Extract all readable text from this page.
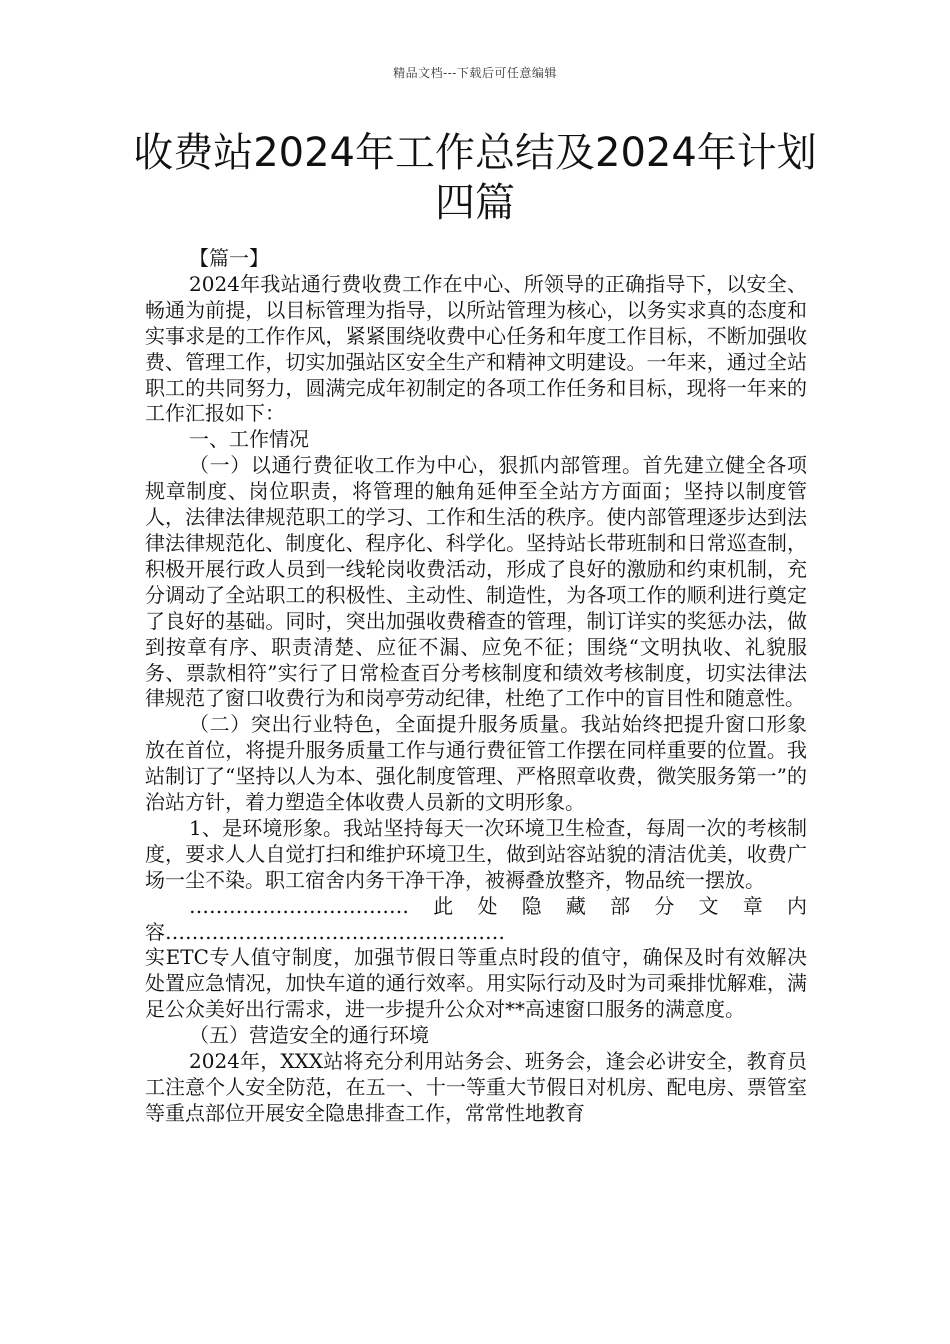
精品文档---下载后可任意编辑
收费站2024年工作总结及2024年计划四篇

【篇一】

2024年我站通行费收费工作在中心、所领导的正确指导下，以安全、畅通为前提，以目标管理为指导，以所站管理为核心，以务实求真的态度和实事求是的工作作风，紧紧围绕收费中心任务和年度工作目标，不断加强收费、管理工作，切实加强站区安全生产和精神文明建设。一年来，通过全站职工的共同努力，圆满完成年初制定的各项工作任务和目标，现将一年来的工作汇报如下：

一、工作情况

（一）以通行费征收工作为中心，狠抓内部管理。首先建立健全各项规章制度、岗位职责，将管理的触角延伸至全站方方面面；坚持以制度管人，法律法律规范职工的学习、工作和生活的秩序。使内部管理逐步达到法律法律规范化、制度化、程序化、科学化。坚持站长带班制和日常巡查制，积极开展行政人员到一线轮岗收费活动，形成了良好的激励和约束机制，充分调动了全站职工的积极性、主动性、制造性，为各项工作的顺利进行奠定了良好的基础。同时，突出加强收费稽查的管理，制订详实的奖惩办法，做到按章有序、职责清楚、应征不漏、应免不征；围绕“文明执收、礼貌服务、票款相符”实行了日常检查百分考核制度和绩效考核制度，切实法律法律规范了窗口收费行为和岗亭劳动纪律，杜绝了工作中的盲目性和随意性。

（二）突出行业特色，全面提升服务质量。我站始终把提升窗口形象放在首位，将提升服务质量工作与通行费征管工作摆在同样重要的位置。我站制订了“坚持以人为本、强化制度管理、严格照章收费，微笑服务第一”的治站方针，着力塑造全体收费人员新的文明形象。

1、是环境形象。我站坚持每天一次环境卫生检查，每周一次的考核制度，要求人人自觉打扫和维护环境卫生，做到站容站貌的清洁优美，收费广场一尘不染。职工宿舍内务干净干净，被褥叠放整齐，物品统一摆放。

……………………………此处隐藏部分文章内容……………………………………………

实ETC专人值守制度，加强节假日等重点时段的值守，确保及时有效解决处置应急情况，加快车道的通行效率。用实际行动及时为司乘排忧解难，满足公众美好出行需求，进一步提升公众对**高速窗口服务的满意度。

（五）营造安全的通行环境

2024年，XXX站将充分利用站务会、班务会，逢会必讲安全，教育员工注意个人安全防范，在五一、十一等重大节假日对机房、配电房、票管室等重点部位开展安全隐患排查工作，常常性地教育
